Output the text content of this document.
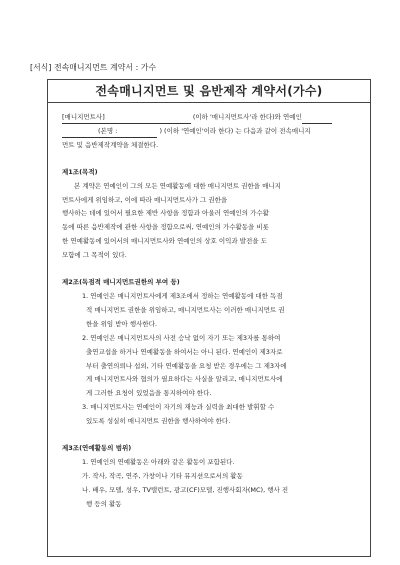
[서식] 전속매니지먼트 계약서 : 가수
전속매니지먼트 및 음반제작 계약서(가수)
[매니지먼트사]	(이하 '매니지먼트사'라 한다)와 연예인
(본명 :	) (이하 '연예인'이라 한다) 는 다음과 같이 전속매니지
먼트 및 음반제작계약을 체결한다.
제1조(목적)
본 계약은 연예인이 그의 모든 연예활동에 대한 매니지먼트 권한을 매니지
먼트사에게 위임하고, 이에 따라 매니지먼트사가 그 권한을
행사하는 데에 있어서 필요한 제반 사항을 정함과 아울러 연예인의 가수활
동에 따른 음반제작에 관한 사항을 정함으로써, 연예인의 가수활동을 비롯
한 연예활동에 있어서의 매니지먼트사와 연예인의 상호 이익과 발전을 도
모함에 그 목적이 있다.
제2조(독점적 매니지먼트권한의 부여 등)
1. 연예인은 매니지먼트사에게 제3조에서 정하는 연예활동에 대한 독점
적 매니지먼트 권한을 위임하고, 매니지먼트사는 이러한 매니지먼트 권
한을 위임 받아 행사한다.
2. 연예인은 매니지먼트사의 사전 승낙 없이 자기 또는 제3자를 통하여
출연교섭을 하거나 연예활동을 하여서는 아니 된다. 연예인이 제3자로
부터 출연의뢰나 섭외, 기타 연예활동을 요청 받은 경우에는 그 제3자에
게 매니지먼트사와 협의가 필요하다는 사실을 알리고, 매니지먼트사에
게 그러한 요청이 있었음을 통지하여야 한다.
3. 매니지먼트사는 연예인이 자기의 재능과 실력을 최대한 발휘할 수
있도록 성실히 매니지먼트 권한을 행사하여야 한다.
제3조(연예활동의 범위)
1. 연예인의 연예활동은 아래와 같은 활동이 포함된다.
가. 작사, 작곡, 연주, 가창이나 기타 뮤지션으로서의 활동
나. 배우, 모델, 성우, TV탤런트, 광고(CF)모델, 진행사회자(MC), 행사 진
행 등의 활동
